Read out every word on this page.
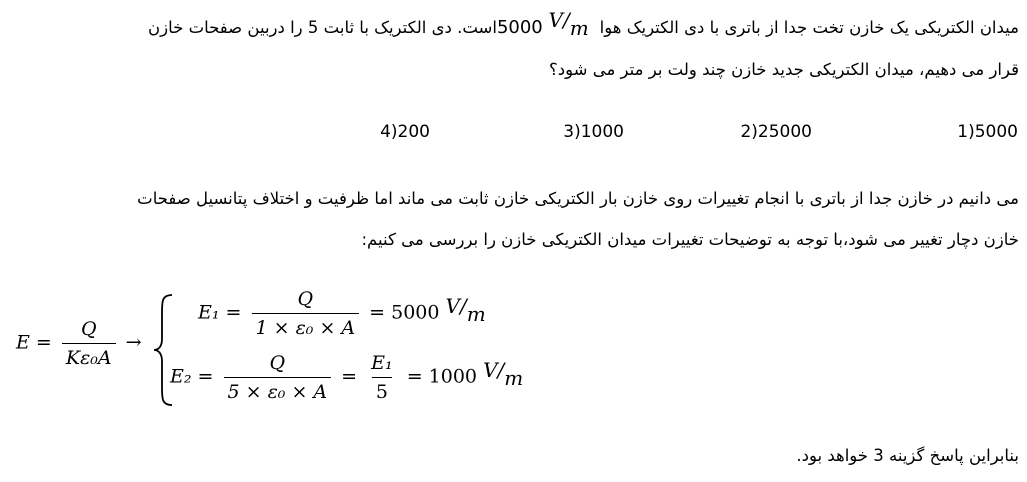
میدان الکتریکی یک خازن تخت جدا از باتری با دی الکتریک هوا 5000 V/m است. دی الکتریک با ثابت 5 را دربین صفحات خازن
قرار می دهیم، میدان الکتریکی جدید خازن چند ولت بر متر می شود؟
5000(1
25000(2
1000(3
200(4
می دانیم در خازن جدا از باتری با انجام تغییرات روی خازن بار الکتریکی خازن ثابت می ماند اما ظرفیت و اختلاف پتانسیل صفحات
خازن دچار تغییر می شود،با توجه به توضیحات تغییرات میدان الکتریکی خازن را بررسی می کنیم:
$E = \frac{Q}{\text{Kε₀A}}$ →
$E_1 = \frac{Q}{\text{1 × ε₀ × A}} = 5000$ V/m
$E_2 = \frac{Q}{\text{5 × ε₀ × A}} = \frac{\text{E₁}}{5} = 1000$ V/m
بنابراین پاسخ گزینه 3 خواهد بود.
